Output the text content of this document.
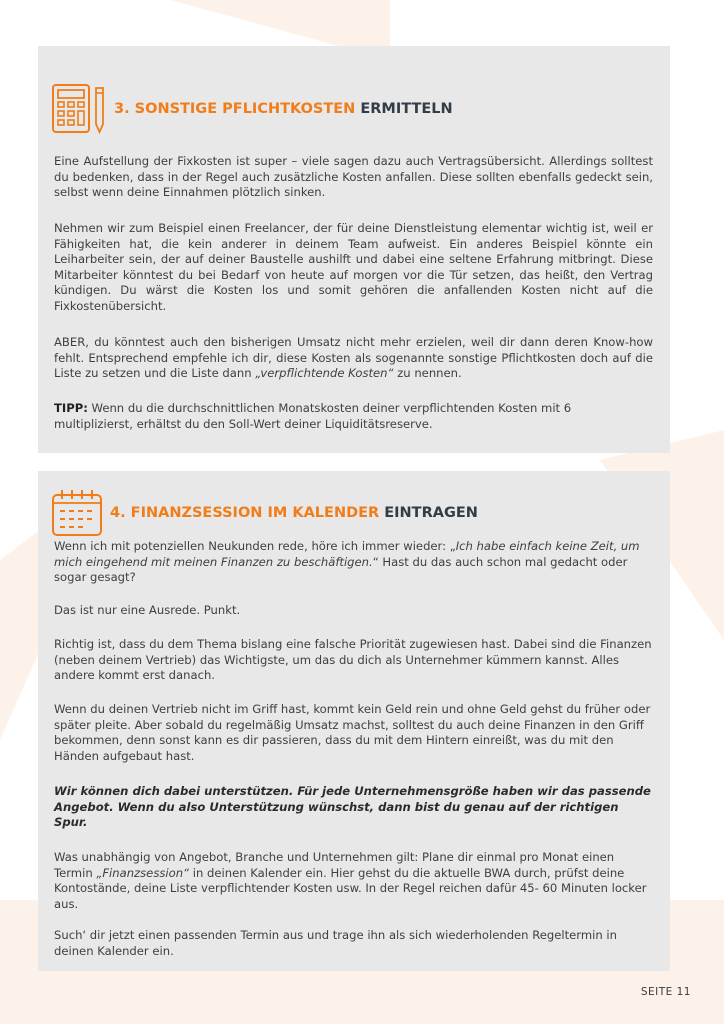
3. SONSTIGE PFLICHTKOSTEN ERMITTELN

Eine Aufstellung der Fixkosten ist super – viele sagen dazu auch Vertragsübersicht. Allerdings solltest du bedenken, dass in der Regel auch zusätzliche Kosten anfallen. Diese sollten ebenfalls gedeckt sein, selbst wenn deine Einnahmen plötzlich sinken.

Nehmen wir zum Beispiel einen Freelancer, der für deine Dienstleistung elementar wichtig ist, weil er Fähigkeiten hat, die kein anderer in deinem Team aufweist. Ein anderes Beispiel könnte ein Leiharbeiter sein, der auf deiner Baustelle aushilft und dabei eine seltene Erfahrung mitbringt. Diese Mitarbeiter könntest du bei Bedarf von heute auf morgen vor die Tür setzen, das heißt, den Vertrag kündigen. Du wärst die Kosten los und somit gehören die anfallenden Kosten nicht auf die Fixkostenübersicht.

ABER, du könntest auch den bisherigen Umsatz nicht mehr erzielen, weil dir dann deren Know-how fehlt. Entsprechend empfehle ich dir, diese Kosten als sogenannte sonstige Pflichtkosten doch auf die Liste zu setzen und die Liste dann „verpflichtende Kosten“ zu nennen.

TIPP: Wenn du die durchschnittlichen Monatskosten deiner verpflichtenden Kosten mit 6 multiplizierst, erhältst du den Soll-Wert deiner Liquiditätsreserve.

4. FINANZSESSION IM KALENDER EINTRAGEN

Wenn ich mit potenziellen Neukunden rede, höre ich immer wieder: „Ich habe einfach keine Zeit, um mich eingehend mit meinen Finanzen zu beschäftigen.“ Hast du das auch schon mal gedacht oder sogar gesagt?

Das ist nur eine Ausrede. Punkt.

Richtig ist, dass du dem Thema bislang eine falsche Priorität zugewiesen hast. Dabei sind die Finanzen (neben deinem Vertrieb) das Wichtigste, um das du dich als Unternehmer kümmern kannst. Alles andere kommt erst danach.

Wenn du deinen Vertrieb nicht im Griff hast, kommt kein Geld rein und ohne Geld gehst du früher oder später pleite. Aber sobald du regelmäßig Umsatz machst, solltest du auch deine Finanzen in den Griff bekommen, denn sonst kann es dir passieren, dass du mit dem Hintern einreißt, was du mit den Händen aufgebaut hast.

Wir können dich dabei unterstützen. Für jede Unternehmensgröße haben wir das passende Angebot. Wenn du also Unterstützung wünschst, dann bist du genau auf der richtigen Spur.

Was unabhängig von Angebot, Branche und Unternehmen gilt: Plane dir einmal pro Monat einen Termin „Finanzsession“ in deinen Kalender ein. Hier gehst du die aktuelle BWA durch, prüfst deine Kontostände, deine Liste verpflichtender Kosten usw. In der Regel reichen dafür 45- 60 Minuten locker aus.

Such‘ dir jetzt einen passenden Termin aus und trage ihn als sich wiederholenden Regeltermin in deinen Kalender ein.

SEITE 11
